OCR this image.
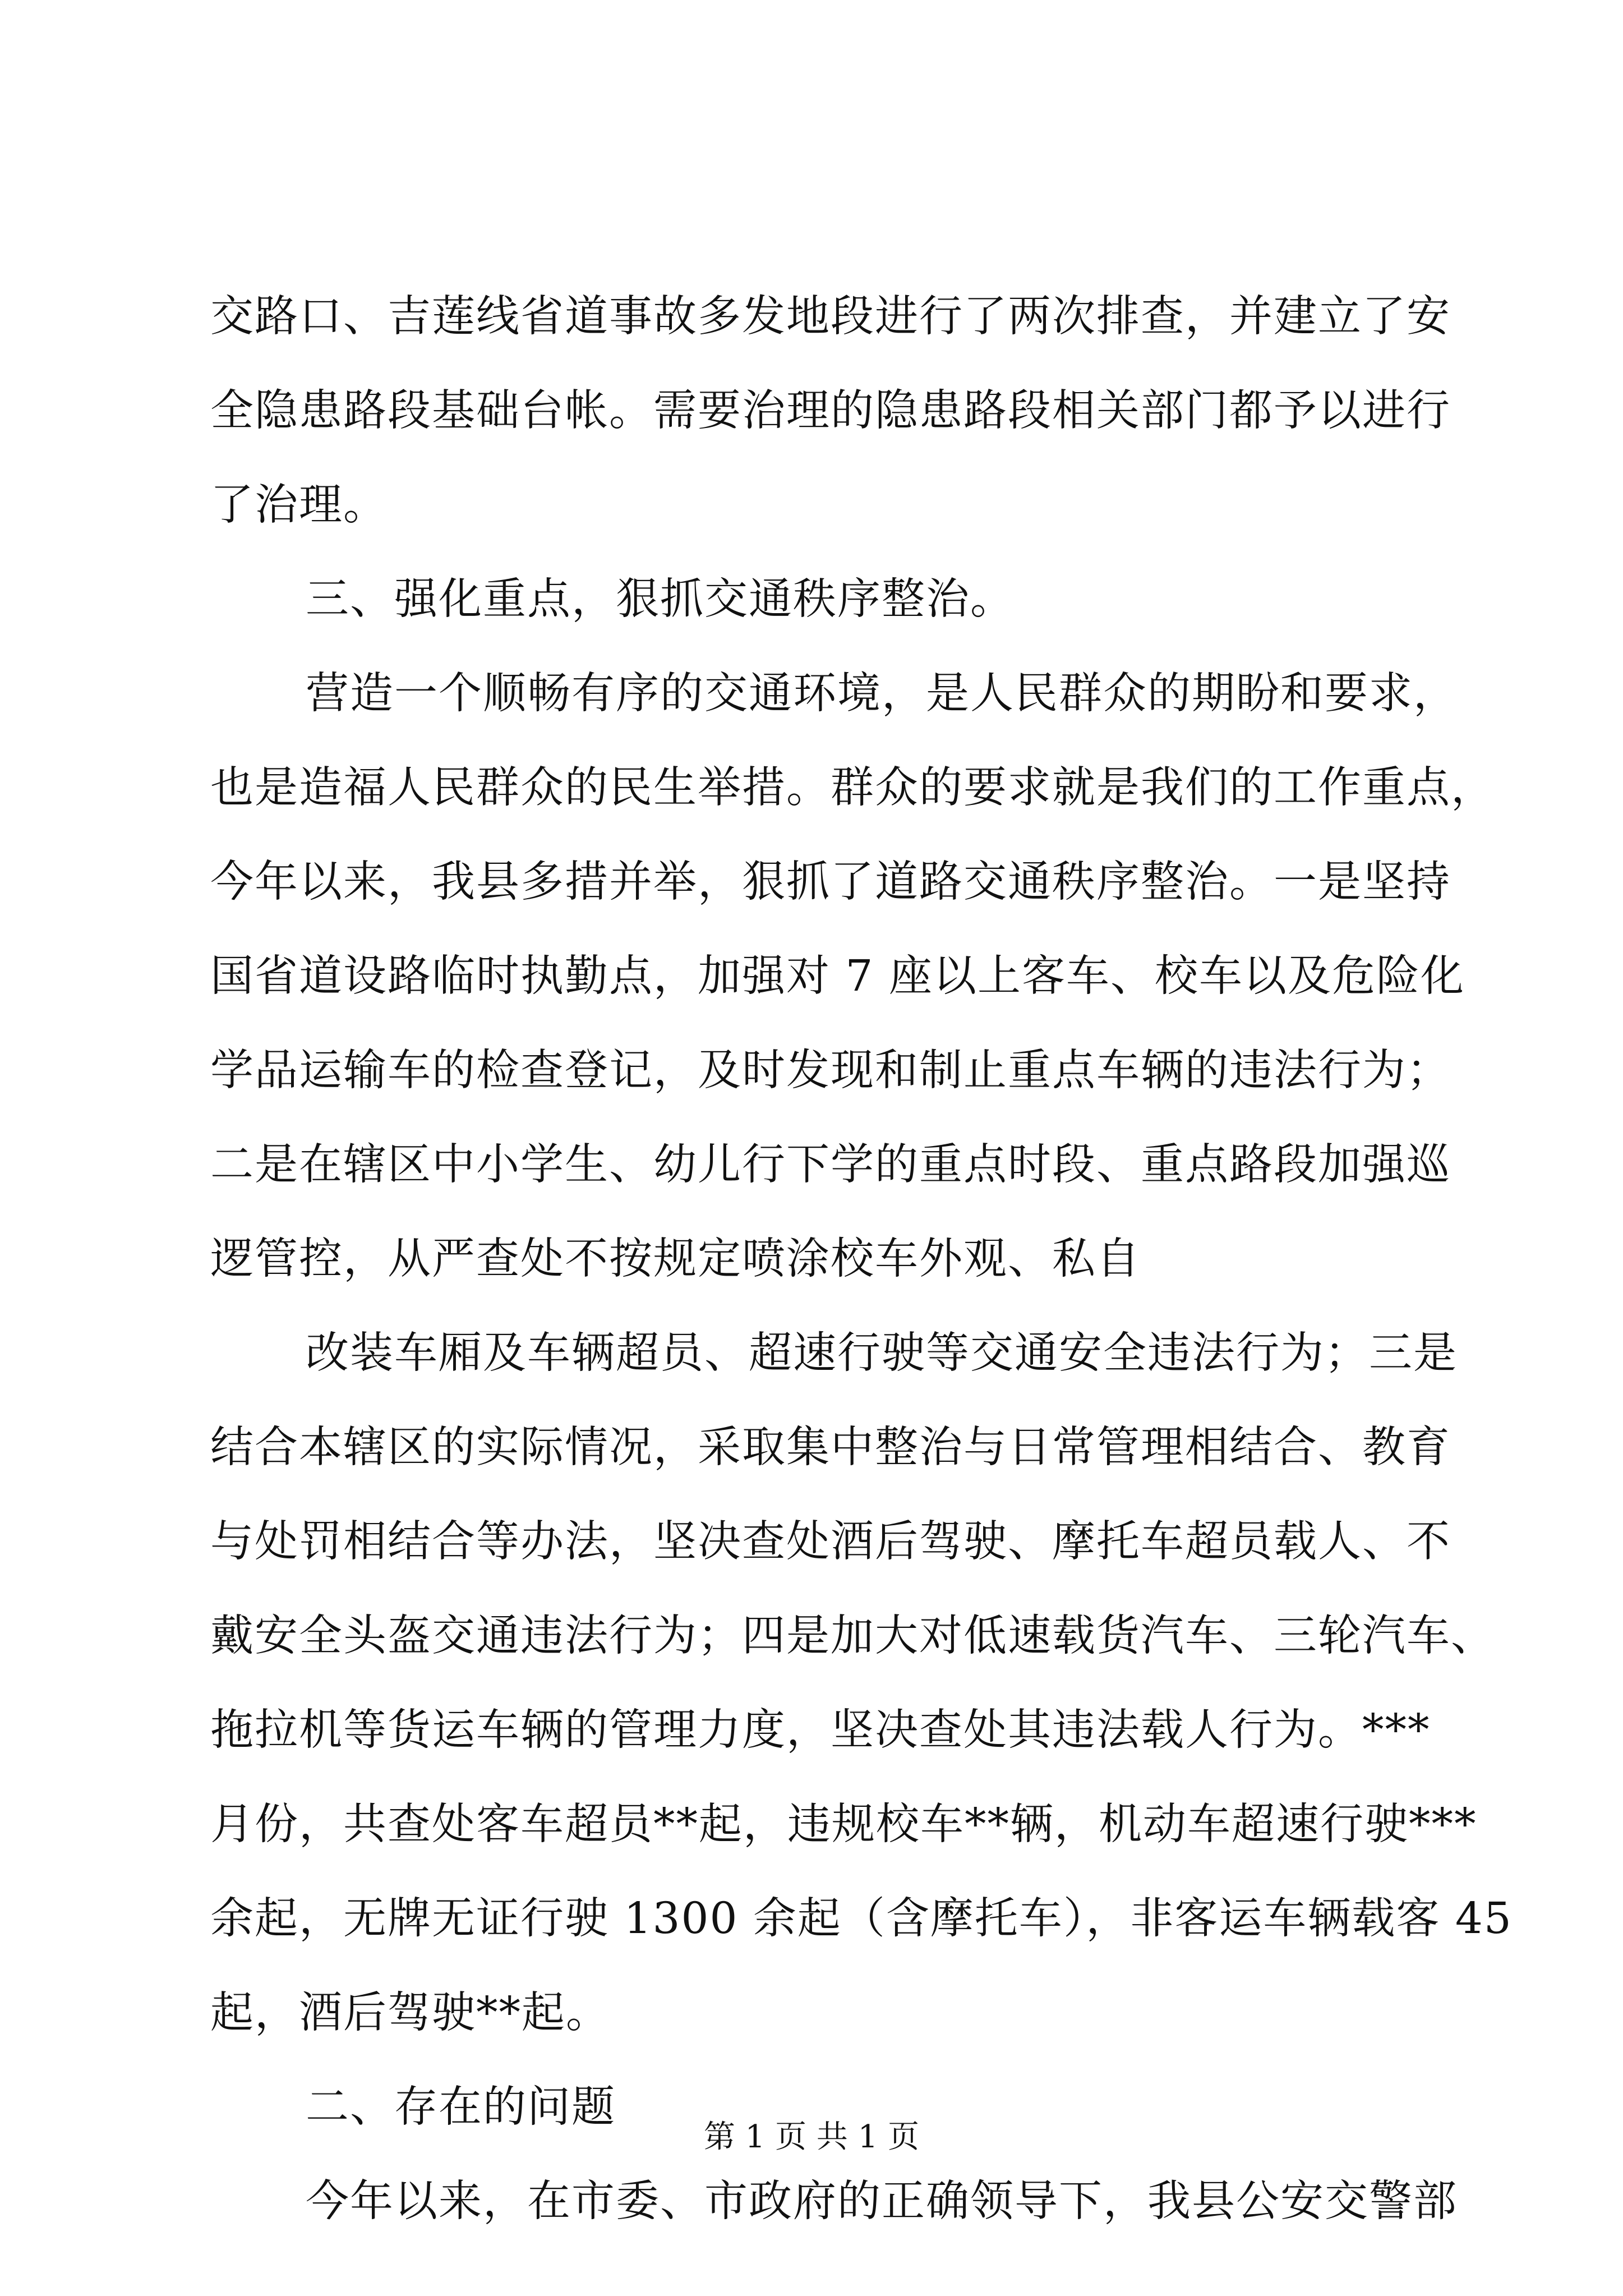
交路口、吉莲线省道事故多发地段进行了两次排查，并建立了安

全隐患路段基础台帐。需要治理的隐患路段相关部门都予以进行

了治理。

三、强化重点，狠抓交通秩序整治。

营造一个顺畅有序的交通环境，是人民群众的期盼和要求，

也是造福人民群众的民生举措。群众的要求就是我们的工作重点，

今年以来，我县多措并举，狠抓了道路交通秩序整治。一是坚持

国省道设路临时执勤点，加强对 7 座以上客车、校车以及危险化

学品运输车的检查登记，及时发现和制止重点车辆的违法行为；

二是在辖区中小学生、幼儿行下学的重点时段、重点路段加强巡

逻管控，从严查处不按规定喷涂校车外观、私自

改装车厢及车辆超员、超速行驶等交通安全违法行为；三是

结合本辖区的实际情况，采取集中整治与日常管理相结合、教育

与处罚相结合等办法，坚决查处酒后驾驶、摩托车超员载人、不

戴安全头盔交通违法行为；四是加大对低速载货汽车、三轮汽车、

拖拉机等货运车辆的管理力度，坚决查处其违法载人行为。***

月份，共查处客车超员**起，违规校车**辆，机动车超速行驶***

余起，无牌无证行驶 1300 余起（含摩托车），非客运车辆载客 45

起，酒后驾驶**起。

二、存在的问题

今年以来，在市委、市政府的正确领导下，我县公安交警部

第 1 页 共 1 页
